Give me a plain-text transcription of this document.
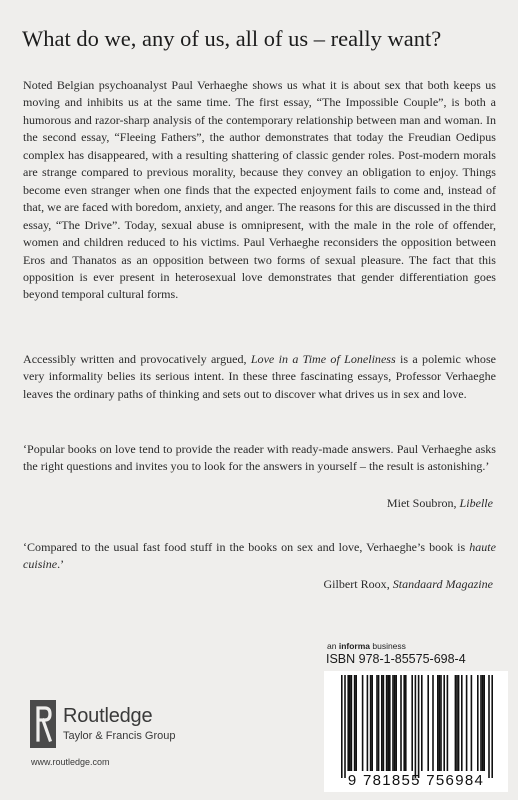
What do we, any of us, all of us – really want?

Noted Belgian psychoanalyst Paul Verhaeghe shows us what it is about sex that both keeps us moving and inhibits us at the same time. The first essay, “The Impossible Couple”, is both a humorous and razor-sharp analysis of the contemporary relationship between man and woman. In the second essay, “Fleeing Fathers”, the author demonstrates that today the Freudian Oedipus complex has disappeared, with a resulting shattering of classic gender roles. Post-modern morals are strange compared to previous morality, because they convey an obligation to enjoy. Things become even stranger when one finds that the expected enjoyment fails to come and, instead of that, we are faced with boredom, anxiety, and anger. The reasons for this are discussed in the third essay, “The Drive”. Today, sexual abuse is omnipresent, with the male in the role of offender, women and children reduced to his victims. Paul Verhaeghe reconsiders the opposition between Eros and Thanatos as an opposition between two forms of sexual pleasure. The fact that this opposition is ever present in heterosexual love demonstrates that gender differentiation goes beyond temporal cultural forms.

Accessibly written and provocatively argued, Love in a Time of Loneliness is a polemic whose very informality belies its serious intent. In these three fascinating essays, Professor Verhaeghe leaves the ordinary paths of thinking and sets out to discover what drives us in sex and love.

‘Popular books on love tend to provide the reader with ready-made answers. Paul Verhaeghe asks the right questions and invites you to look for the answers in yourself – the result is astonishing.’

Miet Soubron, Libelle

‘Compared to the usual fast food stuff in the books on sex and love, Verhaeghe’s book is haute cuisine.’

Gilbert Roox, Standaard Magazine

Routledge
Taylor & Francis Group
www.routledge.com
an informa business
ISBN 978-1-85575-698-4
9 781855 756984
